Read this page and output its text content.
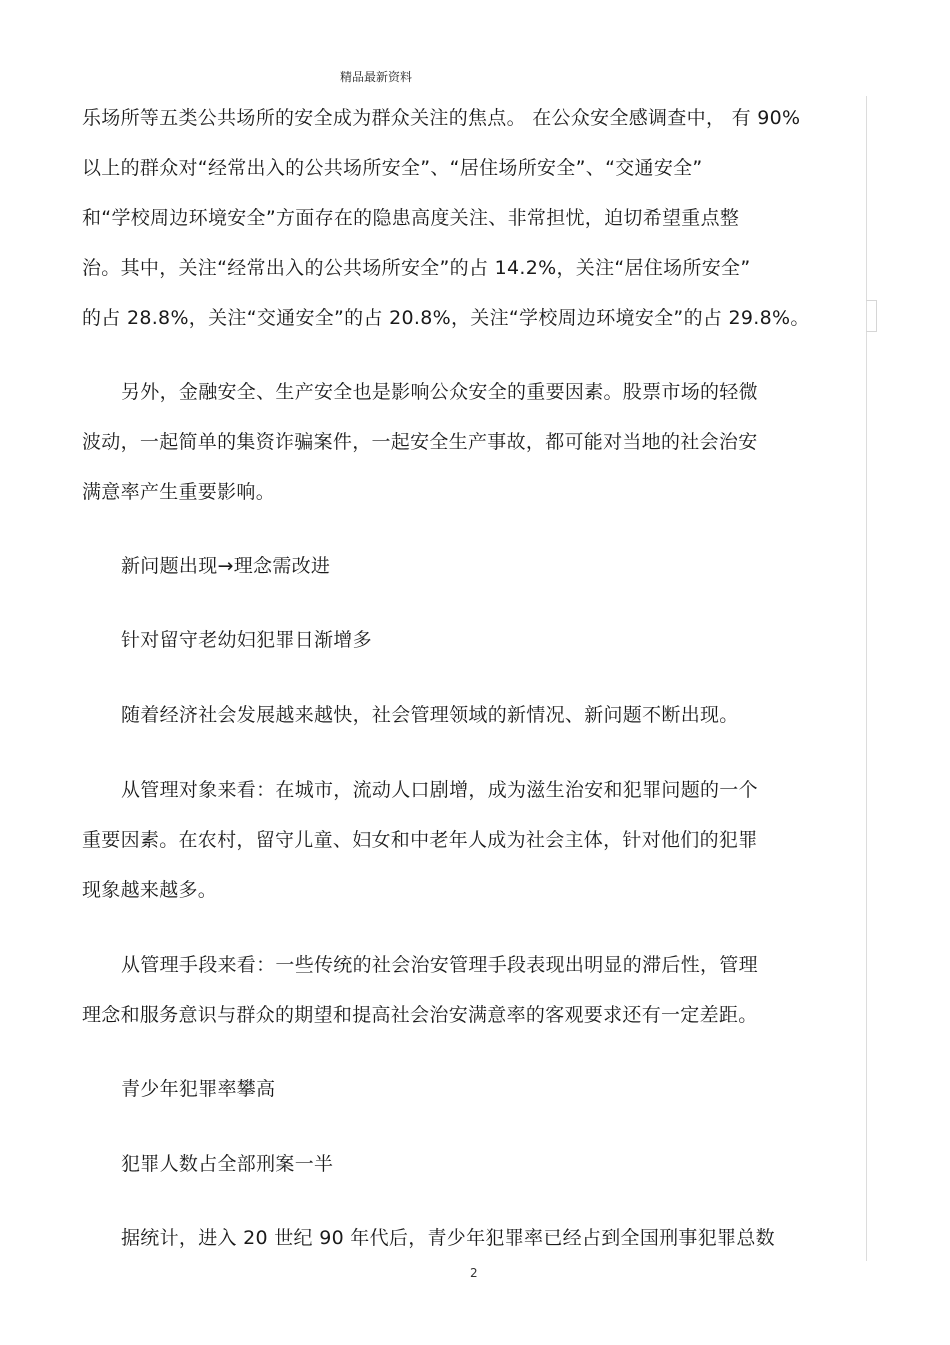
精品最新资料
乐场所等五类公共场所的安全成为群众关注的焦点。 在公众安全感调查中， 有 90%
以上的群众对“经常出入的公共场所安全”、“居住场所安全”、“交通安全”
和“学校周边环境安全”方面存在的隐患高度关注、非常担忧，迫切希望重点整
治。其中，关注“经常出入的公共场所安全”的占 14.2%，关注“居住场所安全”
的占 28.8%，关注“交通安全”的占 20.8%，关注“学校周边环境安全”的占 29.8%。
另外，金融安全、生产安全也是影响公众安全的重要因素。股票市场的轻微
波动，一起简单的集资诈骗案件，一起安全生产事故，都可能对当地的社会治安
满意率产生重要影响。
新问题出现→理念需改进
针对留守老幼妇犯罪日渐增多
随着经济社会发展越来越快，社会管理领域的新情况、新问题不断出现。
从管理对象来看：在城市，流动人口剧增，成为滋生治安和犯罪问题的一个
重要因素。在农村，留守儿童、妇女和中老年人成为社会主体，针对他们的犯罪
现象越来越多。
从管理手段来看：一些传统的社会治安管理手段表现出明显的滞后性，管理
理念和服务意识与群众的期望和提高社会治安满意率的客观要求还有一定差距。
青少年犯罪率攀高
犯罪人数占全部刑案一半
据统计，进入 20 世纪 90 年代后，青少年犯罪率已经占到全国刑事犯罪总数
2
